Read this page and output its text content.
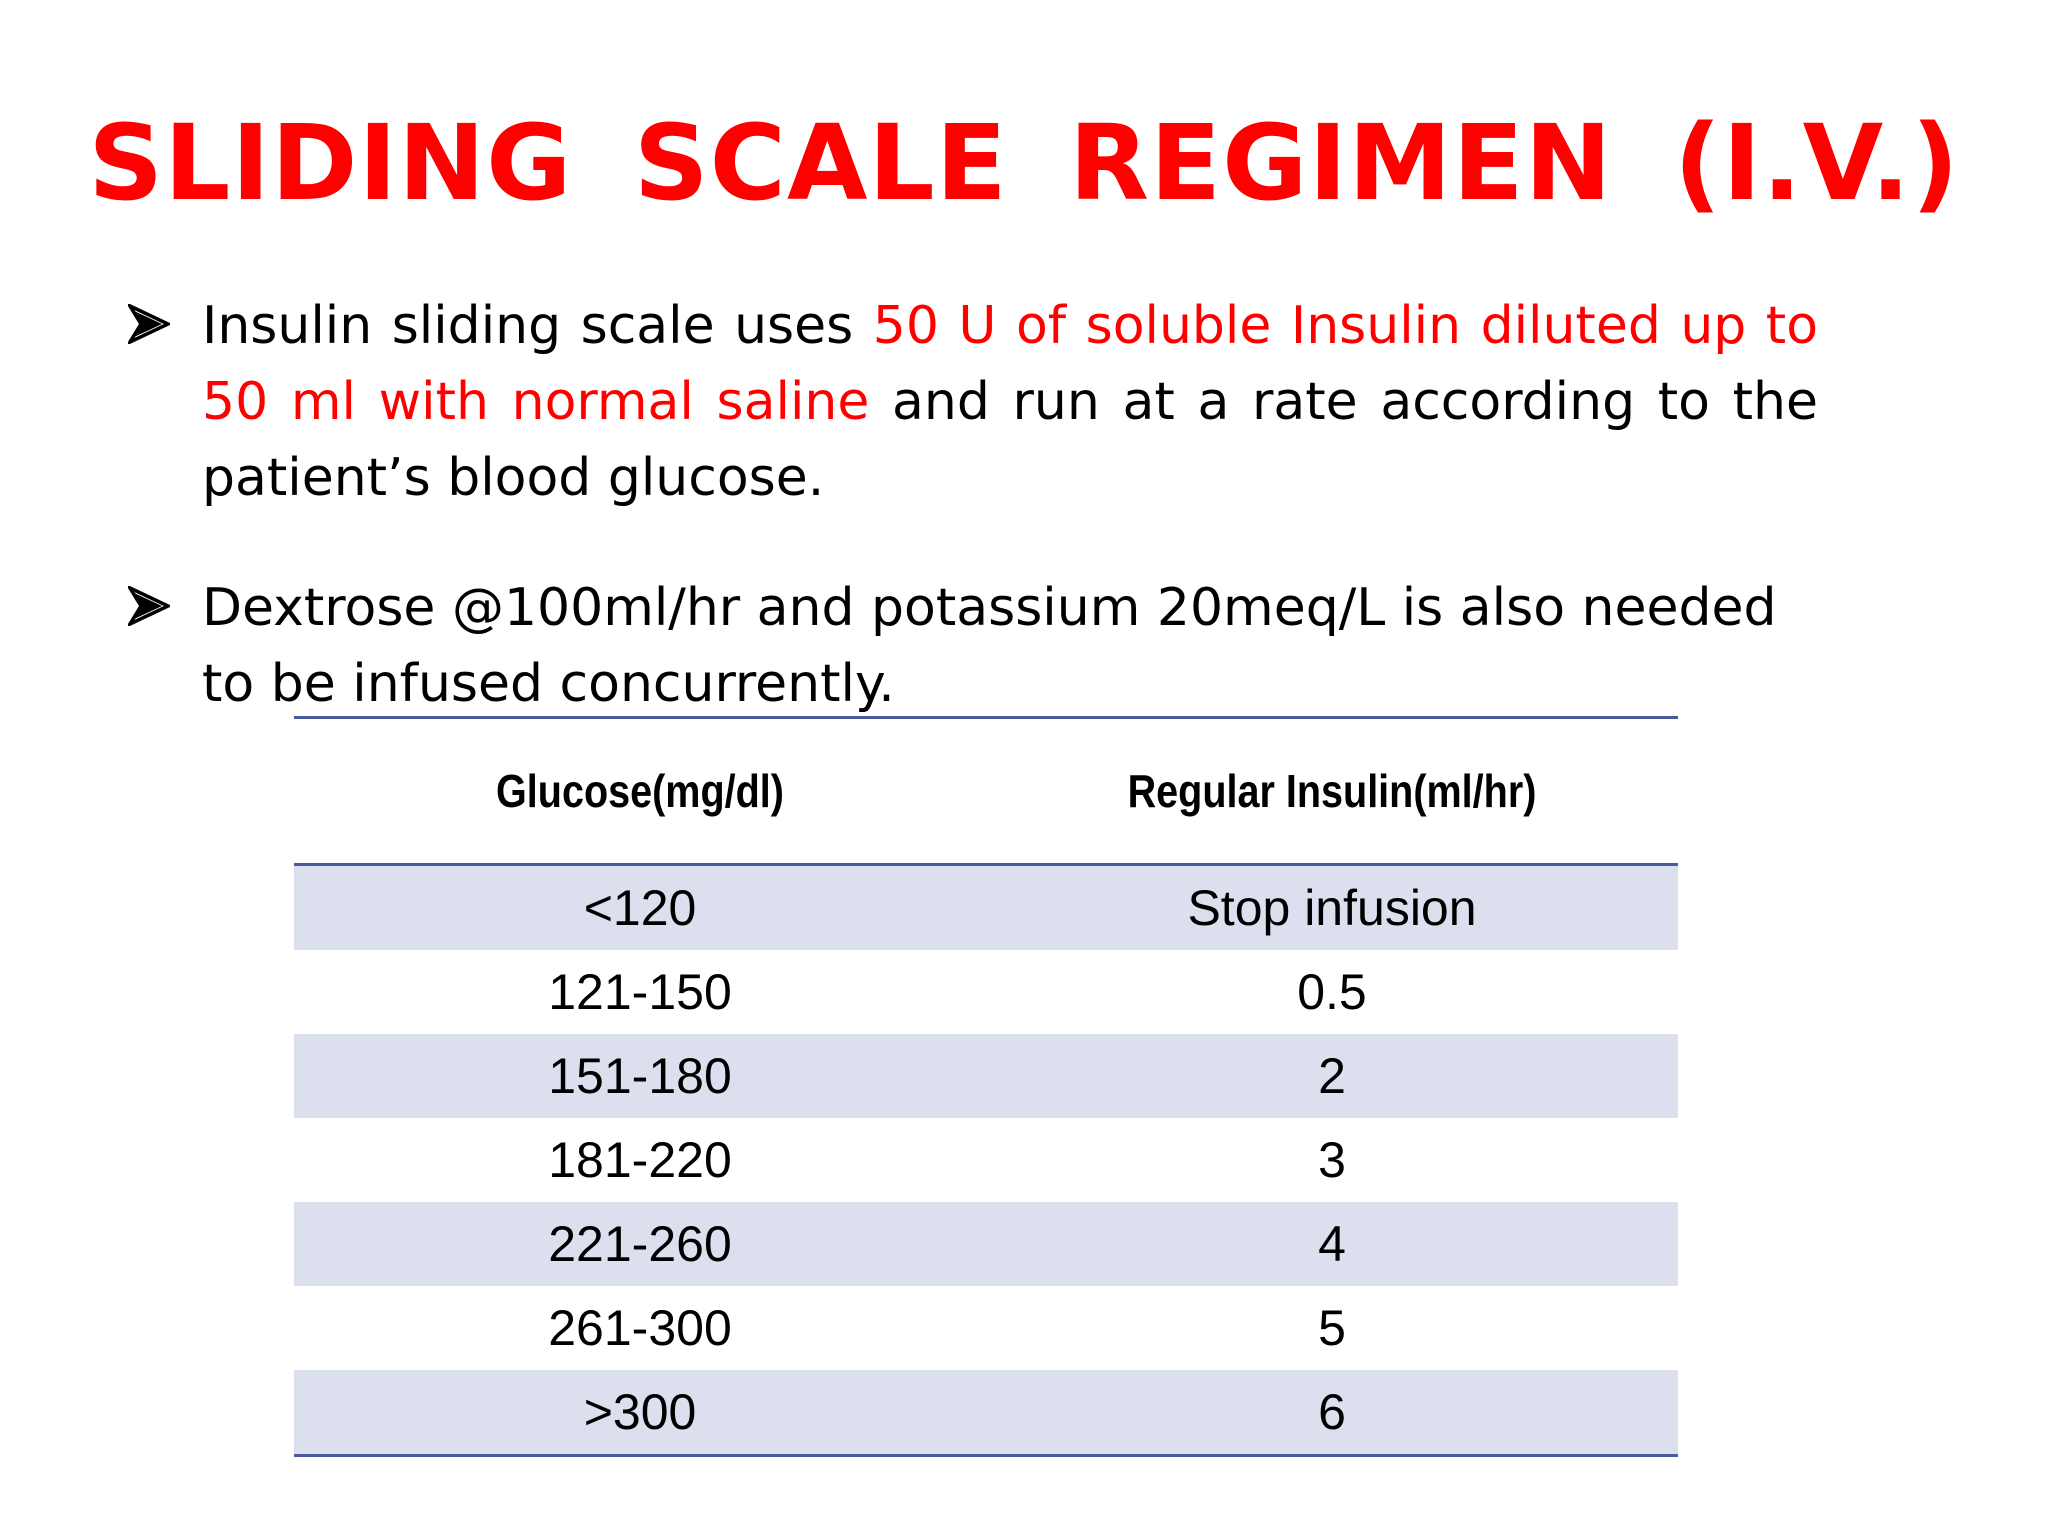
SLIDING SCALE REGIMEN (I.V.)
Insulin sliding scale uses 50 U of soluble Insulin diluted up to 50 ml with normal saline and run at a rate according to the patient’s blood glucose.
Dextrose @100ml/hr and potassium 20meq/L is also needed to be infused concurrently.
Glucose(mg/dl)	Regular Insulin(ml/hr)
<120	Stop infusion
121-150	0.5
151-180	2
181-220	3
221-260	4
261-300	5
>300	6
